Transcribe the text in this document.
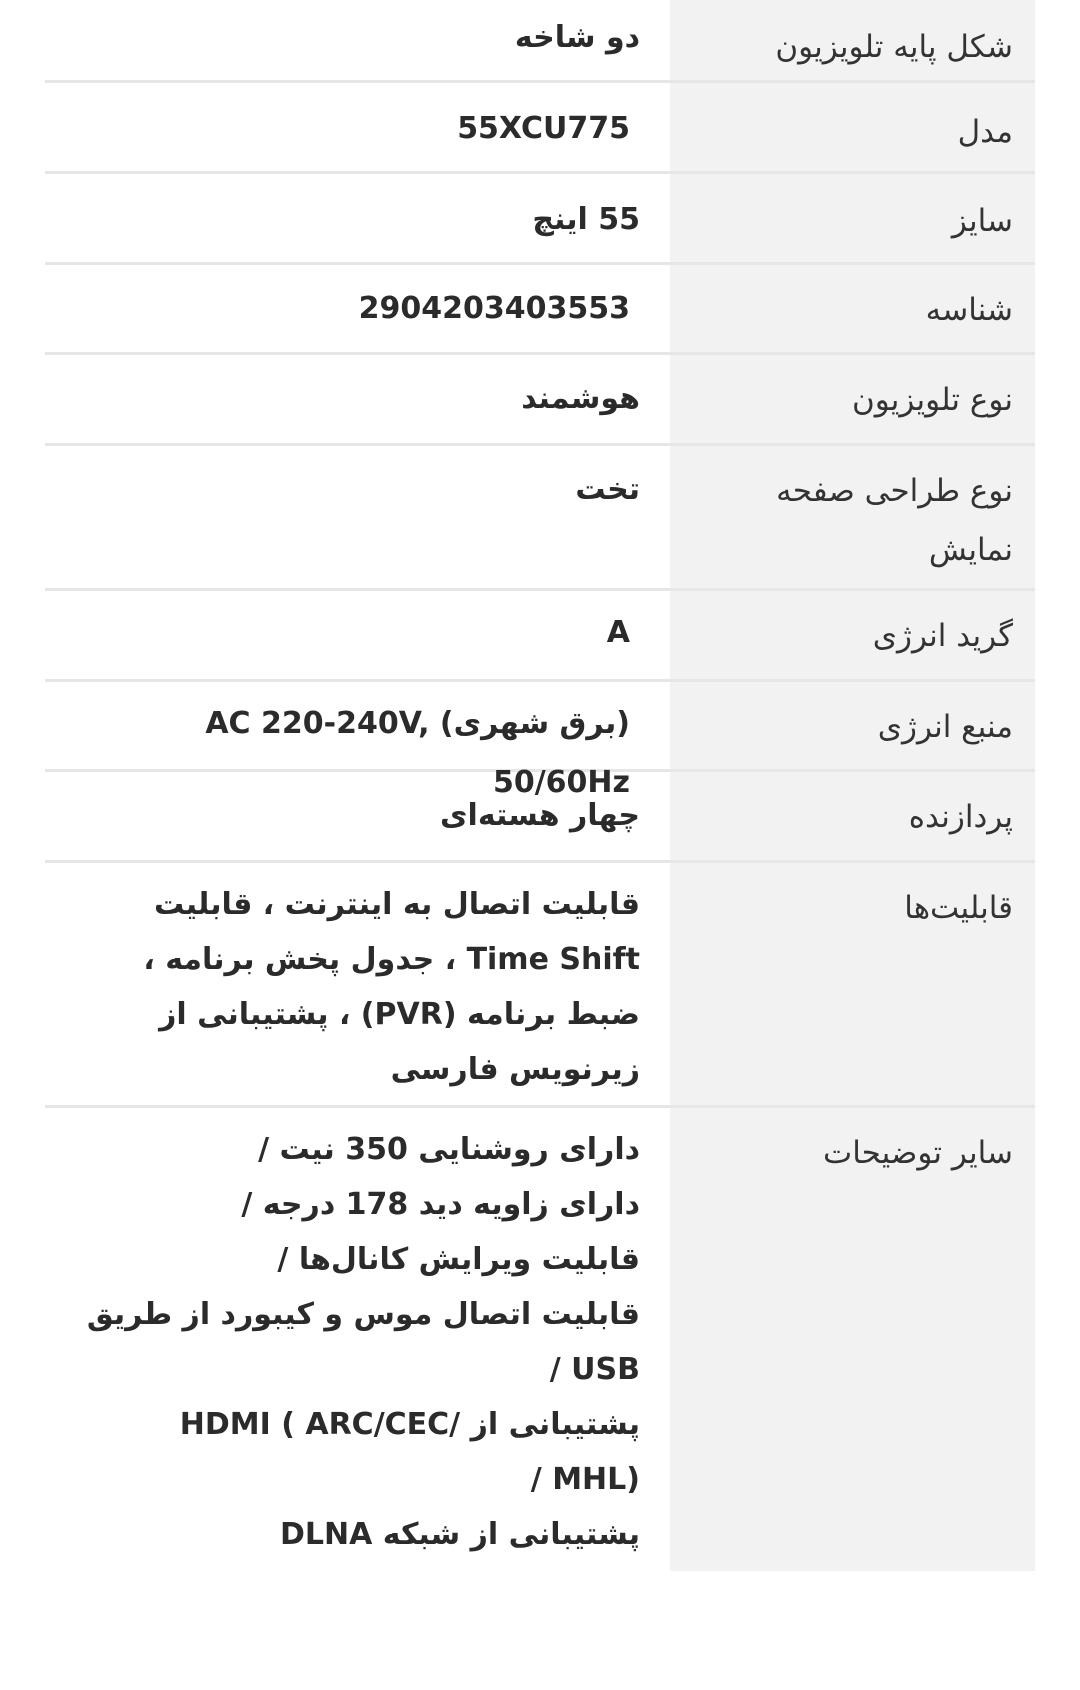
شکل پایه تلویزیون
دو شاخه
مدل
55XCU775
سایز
55 اینچ
شناسه
2904203403553
نوع تلویزیون
هوشمند
نوع طراحی صفحه نمایش
تخت
گرید انرژی
A
منبع انرژی
(برق شهری) AC 220-240V, 50/60Hz
پردازنده
چهار هسته‌ای
قابلیت‌ها
قابلیت اتصال به اینترنت ، قابلیت Time Shift ، جدول پخش برنامه ، ضبط برنامه (PVR) ، پشتیبانی از زیرنویس فارسی
سایر توضیحات
دارای روشنایی 350 نیت /
دارای زاویه دید 178 درجه /
قابلیت ویرایش کانال‌ها /
قابلیت اتصال موس و کیبورد از طریق USB /
پشتیبانی از HDMI ( ARC/CEC/ MHL) /
پشتیبانی از شبکه DLNA
